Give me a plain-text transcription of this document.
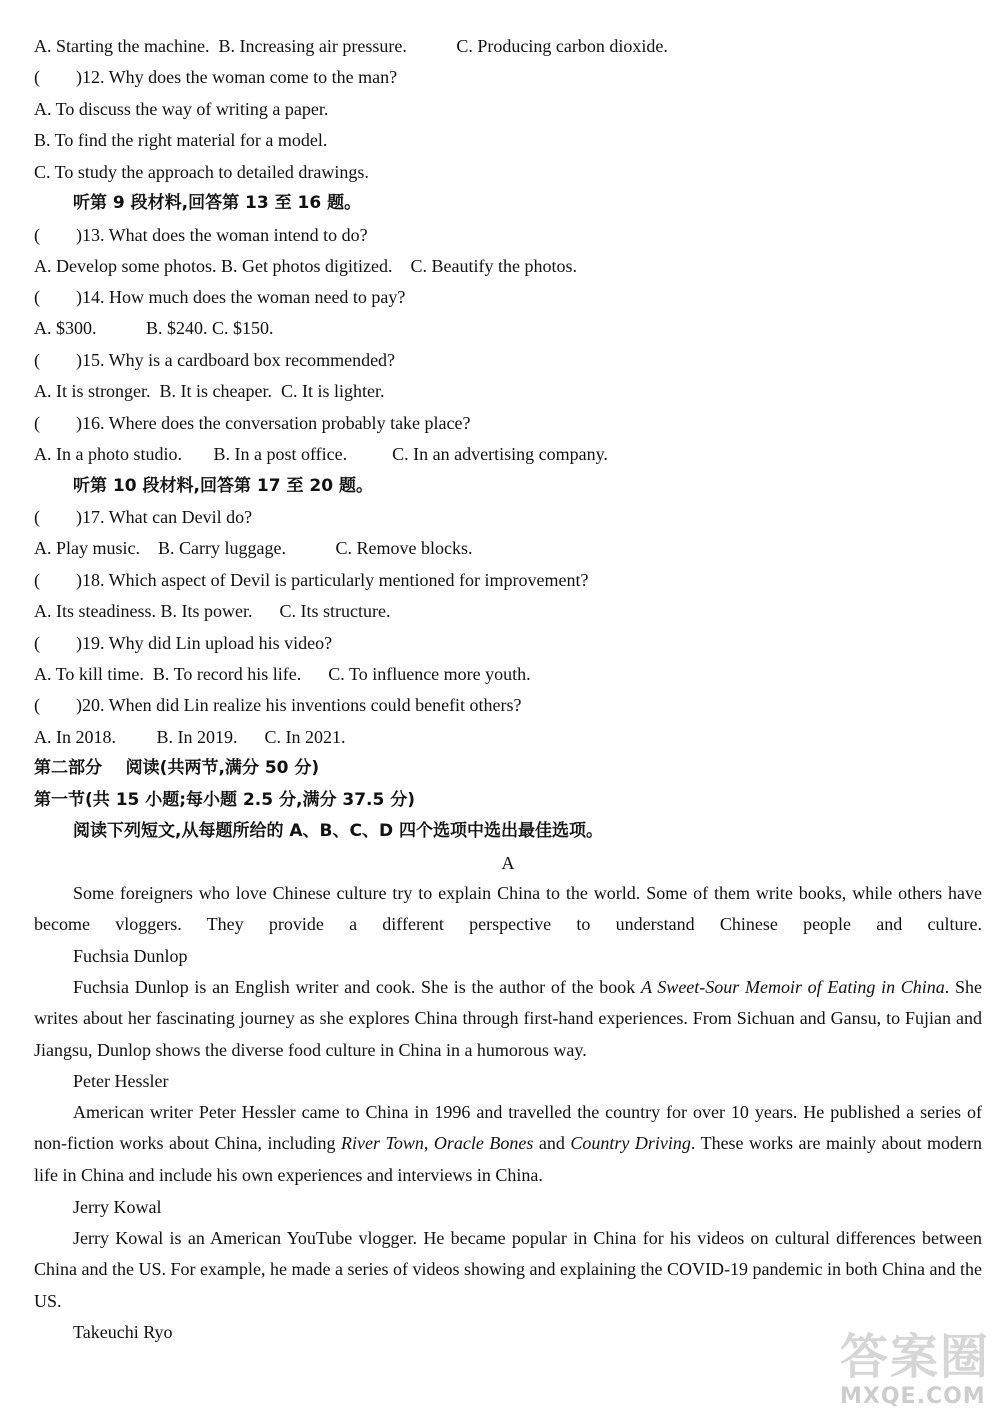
A. Starting the machine.  B. Increasing air pressure.           C. Producing carbon dioxide.
(        )12. Why does the woman come to the man?
A. To discuss the way of writing a paper.
B. To find the right material for a model.
C. To study the approach to detailed drawings.
听第 9 段材料,回答第 13 至 16 题。
(        )13. What does the woman intend to do?
A. Develop some photos. B. Get photos digitized.    C. Beautify the photos.
(        )14. How much does the woman need to pay?
A. $300.           B. $240. C. $150.
(        )15. Why is a cardboard box recommended?
A. It is stronger.  B. It is cheaper.  C. It is lighter.
(        )16. Where does the conversation probably take place?
A. In a photo studio.       B. In a post office.          C. In an advertising company.
听第 10 段材料,回答第 17 至 20 题。
(        )17. What can Devil do?
A. Play music.    B. Carry luggage.           C. Remove blocks.
(        )18. Which aspect of Devil is particularly mentioned for improvement?
A. Its steadiness. B. Its power.      C. Its structure.
(        )19. Why did Lin upload his video?
A. To kill time.  B. To record his life.      C. To influence more youth.
(        )20. When did Lin realize his inventions could benefit others?
A. In 2018.         B. In 2019.      C. In 2021.
第二部分    阅读(共两节,满分 50 分)
第一节(共 15 小题;每小题 2.5 分,满分 37.5 分)
阅读下列短文,从每题所给的 A、B、C、D 四个选项中选出最佳选项。
A
Some foreigners who love Chinese culture try to explain China to the world. Some of them write books, while others have become vloggers. They provide a different perspective to understand Chinese people and culture.
Fuchsia Dunlop
Fuchsia Dunlop is an English writer and cook. She is the author of the book A Sweet-Sour Memoir of Eating in China. She writes about her fascinating journey as she explores China through first-hand experiences. From Sichuan and Gansu, to Fujian and Jiangsu, Dunlop shows the diverse food culture in China in a humorous way.
Peter Hessler
American writer Peter Hessler came to China in 1996 and travelled the country for over 10 years. He published a series of non-fiction works about China, including River Town, Oracle Bones and Country Driving. These works are mainly about modern life in China and include his own experiences and interviews in China.
Jerry Kowal
Jerry Kowal is an American YouTube vlogger. He became popular in China for his videos on cultural differences between China and the US. For example, he made a series of videos showing and explaining the COVID-19 pandemic in both China and the US.
Takeuchi Ryo	答案圈
MXQE.COM
